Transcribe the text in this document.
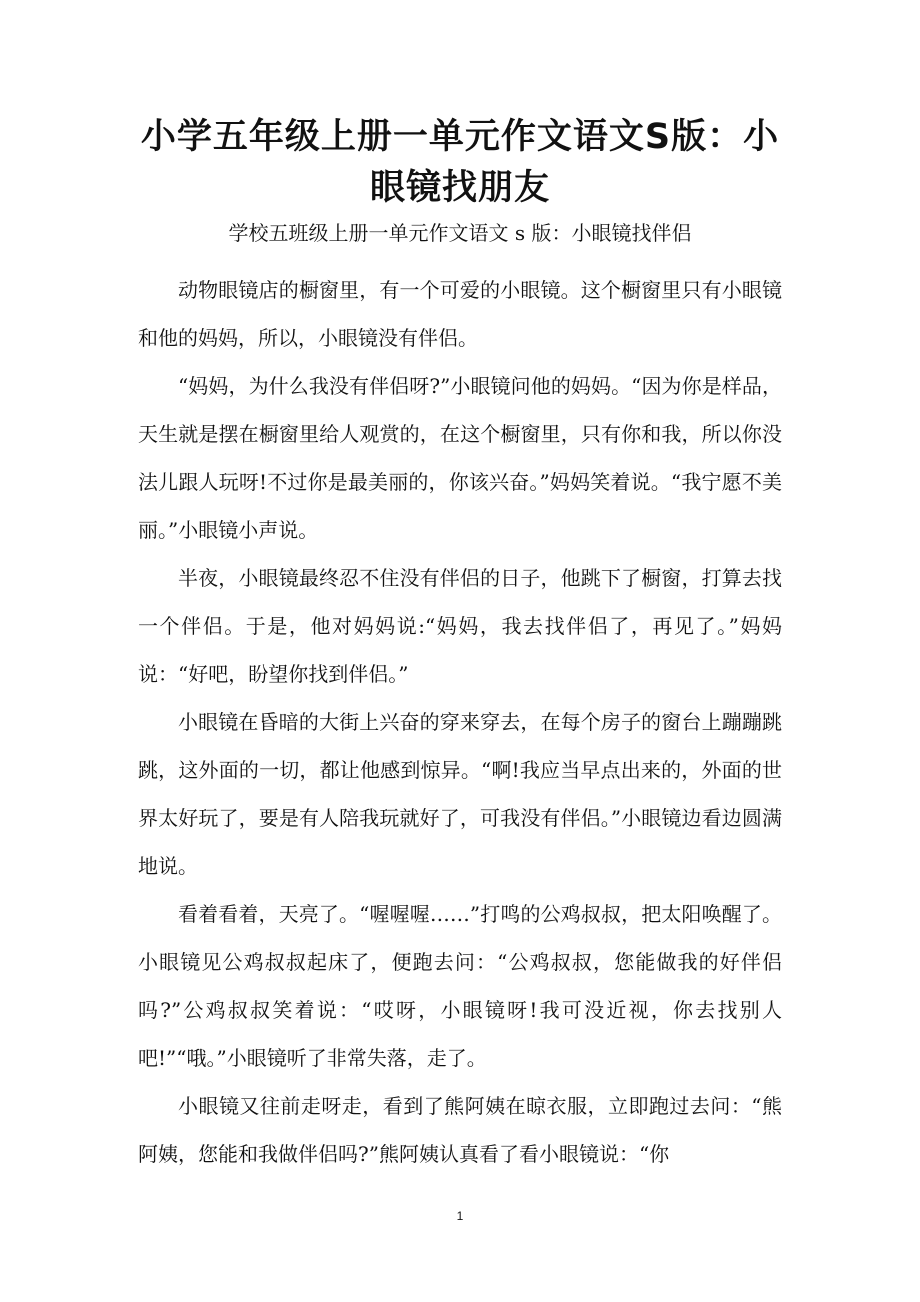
小学五年级上册一单元作文语文S版：小眼镜找朋友

学校五班级上册一单元作文语文 s 版：小眼镜找伴侣

动物眼镜店的橱窗里，有一个可爱的小眼镜。这个橱窗里只有小眼镜和他的妈妈，所以，小眼镜没有伴侣。

“妈妈，为什么我没有伴侣呀?”小眼镜问他的妈妈。“因为你是样品，天生就是摆在橱窗里给人观赏的，在这个橱窗里，只有你和我，所以你没法儿跟人玩呀!不过你是最美丽的，你该兴奋。”妈妈笑着说。“我宁愿不美丽。”小眼镜小声说。

半夜，小眼镜最终忍不住没有伴侣的日子，他跳下了橱窗，打算去找一个伴侣。于是，他对妈妈说:“妈妈，我去找伴侣了，再见了。”妈妈说：“好吧，盼望你找到伴侣。”

小眼镜在昏暗的大街上兴奋的穿来穿去，在每个房子的窗台上蹦蹦跳跳，这外面的一切，都让他感到惊异。“啊!我应当早点出来的，外面的世界太好玩了，要是有人陪我玩就好了，可我没有伴侣。”小眼镜边看边圆满地说。

看着看着，天亮了。“喔喔喔……”打鸣的公鸡叔叔，把太阳唤醒了。小眼镜见公鸡叔叔起床了，便跑去问：“公鸡叔叔，您能做我的好伴侣吗?”公鸡叔叔笑着说：“哎呀，小眼镜呀!我可没近视，你去找别人吧!”“哦。”小眼镜听了非常失落，走了。

小眼镜又往前走呀走，看到了熊阿姨在晾衣服，立即跑过去问：“熊阿姨，您能和我做伴侣吗?”熊阿姨认真看了看小眼镜说：“你

1
